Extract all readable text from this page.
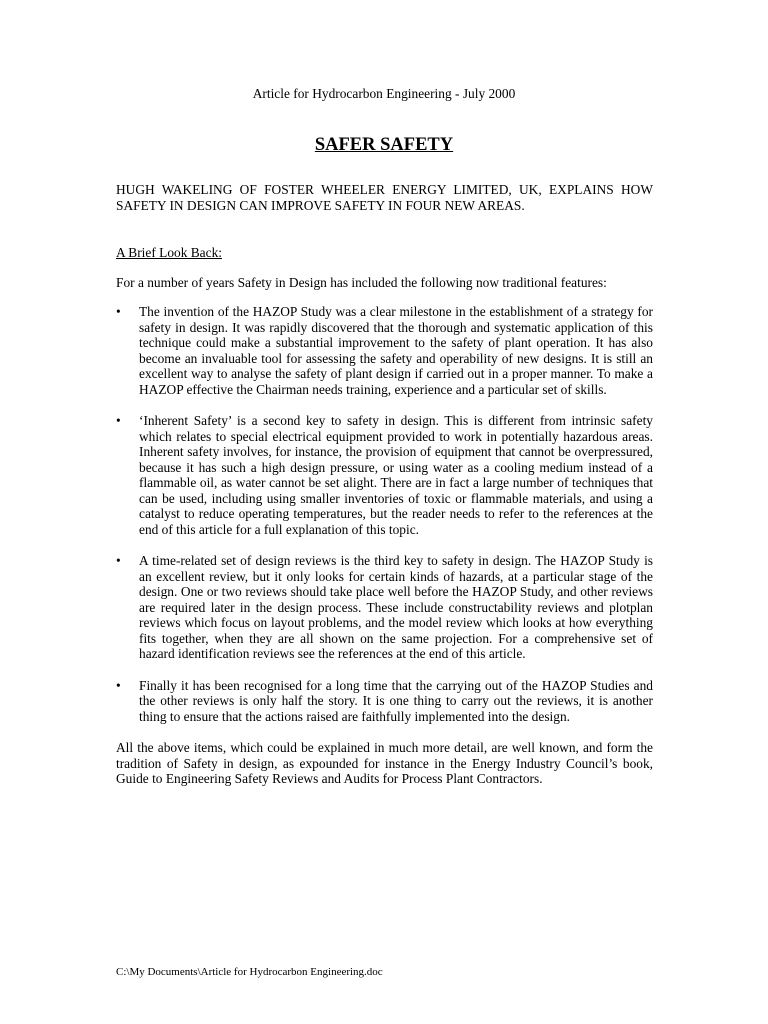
Article for Hydrocarbon Engineering - July 2000
SAFER SAFETY

HUGH WAKELING OF FOSTER WHEELER ENERGY LIMITED, UK, EXPLAINS HOW SAFETY IN DESIGN CAN IMPROVE SAFETY IN FOUR NEW AREAS.

A Brief Look Back:

For a number of years Safety in Design has included the following now traditional features:

•	The invention of the HAZOP Study was a clear milestone in the establishment of a strategy for safety in design. It was rapidly discovered that the thorough and systematic application of this technique could make a substantial improvement to the safety of plant operation. It has also become an invaluable tool for assessing the safety and operability of new designs. It is still an excellent way to analyse the safety of plant design if carried out in a proper manner. To make a HAZOP effective the Chairman needs training, experience and a particular set of skills.
•	‘Inherent Safety’ is a second key to safety in design. This is different from intrinsic safety which relates to special electrical equipment provided to work in potentially hazardous areas. Inherent safety involves, for instance, the provision of equipment that cannot be overpressured, because it has such a high design pressure, or using water as a cooling medium instead of a flammable oil, as water cannot be set alight. There are in fact a large number of techniques that can be used, including using smaller inventories of toxic or flammable materials, and using a catalyst to reduce operating temperatures, but the reader needs to refer to the references at the end of this article for a full explanation of this topic.
•	A time-related set of design reviews is the third key to safety in design. The HAZOP Study is an excellent review, but it only looks for certain kinds of hazards, at a particular stage of the design. One or two reviews should take place well before the HAZOP Study, and other reviews are required later in the design process. These include constructability reviews and plotplan reviews which focus on layout problems, and the model review which looks at how everything fits together, when they are all shown on the same projection. For a comprehensive set of hazard identification reviews see the references at the end of this article.
•	Finally it has been recognised for a long time that the carrying out of the HAZOP Studies and the other reviews is only half the story. It is one thing to carry out the reviews, it is another thing to ensure that the actions raised are faithfully implemented into the design.

All the above items, which could be explained in much more detail, are well known, and form the tradition of Safety in design, as expounded for instance in the Energy Industry Council’s book, Guide to Engineering Safety Reviews and Audits for Process Plant Contractors.

C:\My Documents\Article for Hydrocarbon Engineering.doc
